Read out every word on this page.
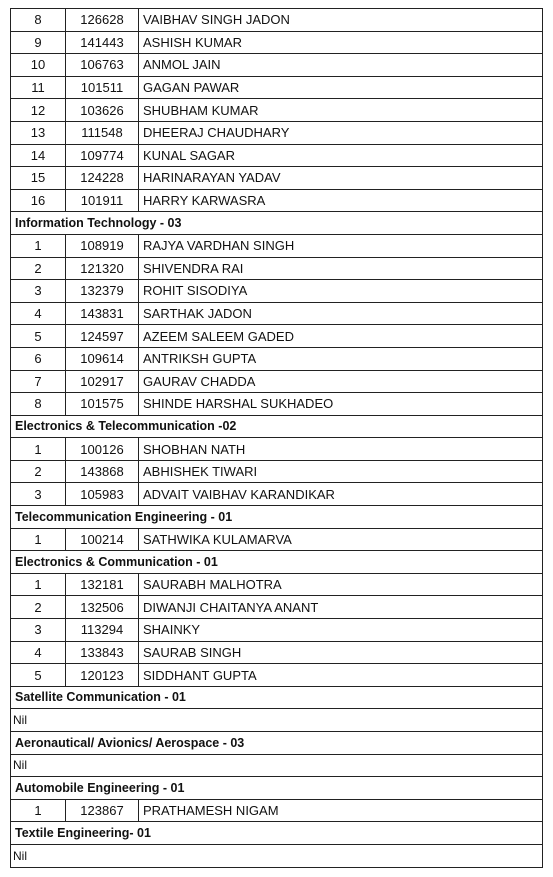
8	126628	VAIBHAV SINGH JADON
9	141443	ASHISH KUMAR
10	106763	ANMOL JAIN
11	101511	GAGAN PAWAR
12	103626	SHUBHAM KUMAR
13	111548	DHEERAJ CHAUDHARY
14	109774	KUNAL SAGAR
15	124228	HARINARAYAN YADAV
16	101911	HARRY KARWASRA
Information Technology - 03		
1	108919	RAJYA VARDHAN SINGH
2	121320	SHIVENDRA RAI
3	132379	ROHIT SISODIYA
4	143831	SARTHAK JADON
5	124597	AZEEM SALEEM GADED
6	109614	ANTRIKSH GUPTA
7	102917	GAURAV CHADDA
8	101575	SHINDE HARSHAL SUKHADEO
Electronics & Telecommunication -02		
1	100126	SHOBHAN NATH
2	143868	ABHISHEK TIWARI
3	105983	ADVAIT VAIBHAV KARANDIKAR
Telecommunication Engineering - 01		
1	100214	SATHWIKA KULAMARVA
Electronics & Communication - 01		
1	132181	SAURABH MALHOTRA
2	132506	DIWANJI CHAITANYA ANANT
3	113294	SHAINKY
4	133843	SAURAB SINGH
5	120123	SIDDHANT GUPTA
Satellite Communication - 01		
Nil		
Aeronautical/ Avionics/ Aerospace - 03		
Nil		
Automobile Engineering - 01		
1	123867	PRATHAMESH NIGAM
Textile Engineering- 01		
Nil		
